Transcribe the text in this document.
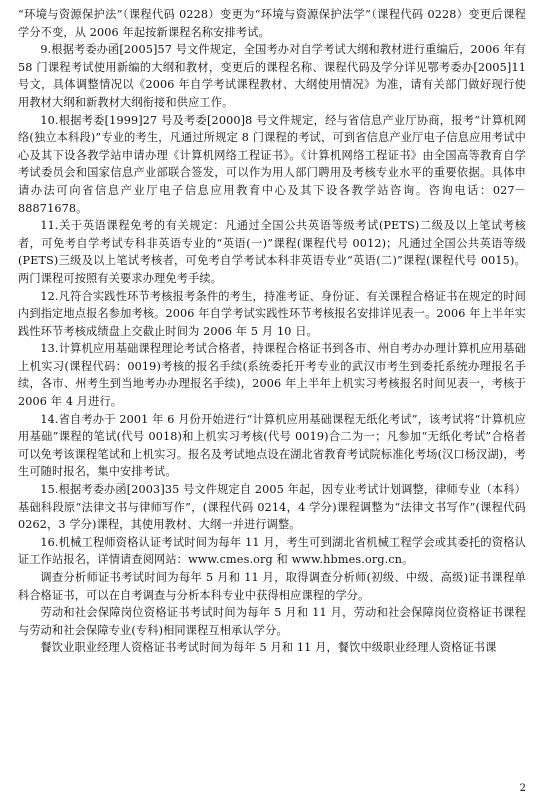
“环境与资源保护法”（课程代码 0228）变更为“环境与资源保护法学”（课程代码 0228）变更后课程学分不变，从 2006 年起按新课程名称安排考试。

9.根据考委办函[2005]57 号文件规定，全国考办对自学考试大纲和教材进行重编后，2006 年有 58 门课程考试使用新编的大纲和教材，变更后的课程名称、课程代码及学分详见鄂考委办[2005]11 号文，具体调整情况以《2006 年自学考试课程教材、大纲使用情况》为准，请有关部门做好现行使用教材大纲和新教材大纲衔接和供应工作。

10.根据考委[1999]27 号及考委[2000]8 号文件规定，经与省信息产业厅协商，报考“计算机网络(独立本科段)”专业的考生，凡通过所规定 8 门课程的考试，可到省信息产业厅电子信息应用考试中心及其下设各教学站申请办理《计算机网络工程证书》。《计算机网络工程证书》由全国高等教育自学考试委员会和国家信息产业部联合签发，可以作为用人部门聘用及考核专业水平的重要依据。具体申请办法可向省信息产业厅电子信息应用教育中心及其下设各教学站咨询。咨询电话：027－88871678。

11.关于英语课程免考的有关规定：凡通过全国公共英语等级考试(PETS)二级及以上笔试考核者，可免考自学考试专科非英语专业的“英语(一)”课程(课程代号 0012)；凡通过全国公共英语等级(PETS)三级及以上笔试考核者，可免考自学考试本科非英语专业“英语(二)”课程(课程代号 0015)。两门课程可按照有关要求办理免考手续。

12.凡符合实践性环节考核报考条件的考生，持准考证、身份证、有关课程合格证书在规定的时间内到指定地点报名参加考核。2006 年自学考试实践性环节考核报名安排详见表一。2006 年上半年实践性环节考核成绩盘上交截止时间为 2006 年 5 月 10 日。

13.计算机应用基础课程理论考试合格者，持课程合格证书到各市、州自考办办理计算机应用基础上机实习(课程代码：0019)考核的报名手续(系统委托开考专业的武汉市考生到委托系统办理报名手续，各市、州考生到当地考办办理报名手续)，2006 年上半年上机实习考核报名时间见表一，考核于 2006 年 4 月进行。

14.省自考办于 2001 年 6 月份开始进行“计算机应用基础课程无纸化考试”，该考试将“计算机应用基础”课程的笔试(代号 0018)和上机实习考核(代号 0019)合二为一；凡参加“无纸化考试”合格者可以免考该课程笔试和上机实习。报名及考试地点设在湖北省教育考试院标准化考场(汉口杨汊湖)，考生可随时报名，集中安排考试。

15.根据考委办函[2003]35 号文件规定自 2005 年起，因专业考试计划调整，律师专业（本科）基础科段原“法律文书与律师写作”，(课程代码 0214，4 学分)课程调整为“法律文书写作”(课程代码 0262，3 学分)课程，其使用教材、大纲一并进行调整。

16.机械工程师资格认证考试时间为每年 11 月，考生可到湖北省机械工程学会或其委托的资格认证工作站报名，详情请查阅网站：www.cmes.org 和 www.hbmes.org.cn。

调查分析师证书考试时间为每年 5 月和 11 月，取得调查分析师(初级、中级、高级)证书课程单科合格证书，可以在自考调查与分析本科专业中获得相应课程的学分。

劳动和社会保障岗位资格证书考试时间为每年 5 月和 11 月，劳动和社会保障岗位资格证书课程与劳动和社会保障专业(专科)相同课程互相承认学分。

餐饮业职业经理人资格证书考试时间为每年 5 月和 11 月，餐饮中级职业经理人资格证书课

2
